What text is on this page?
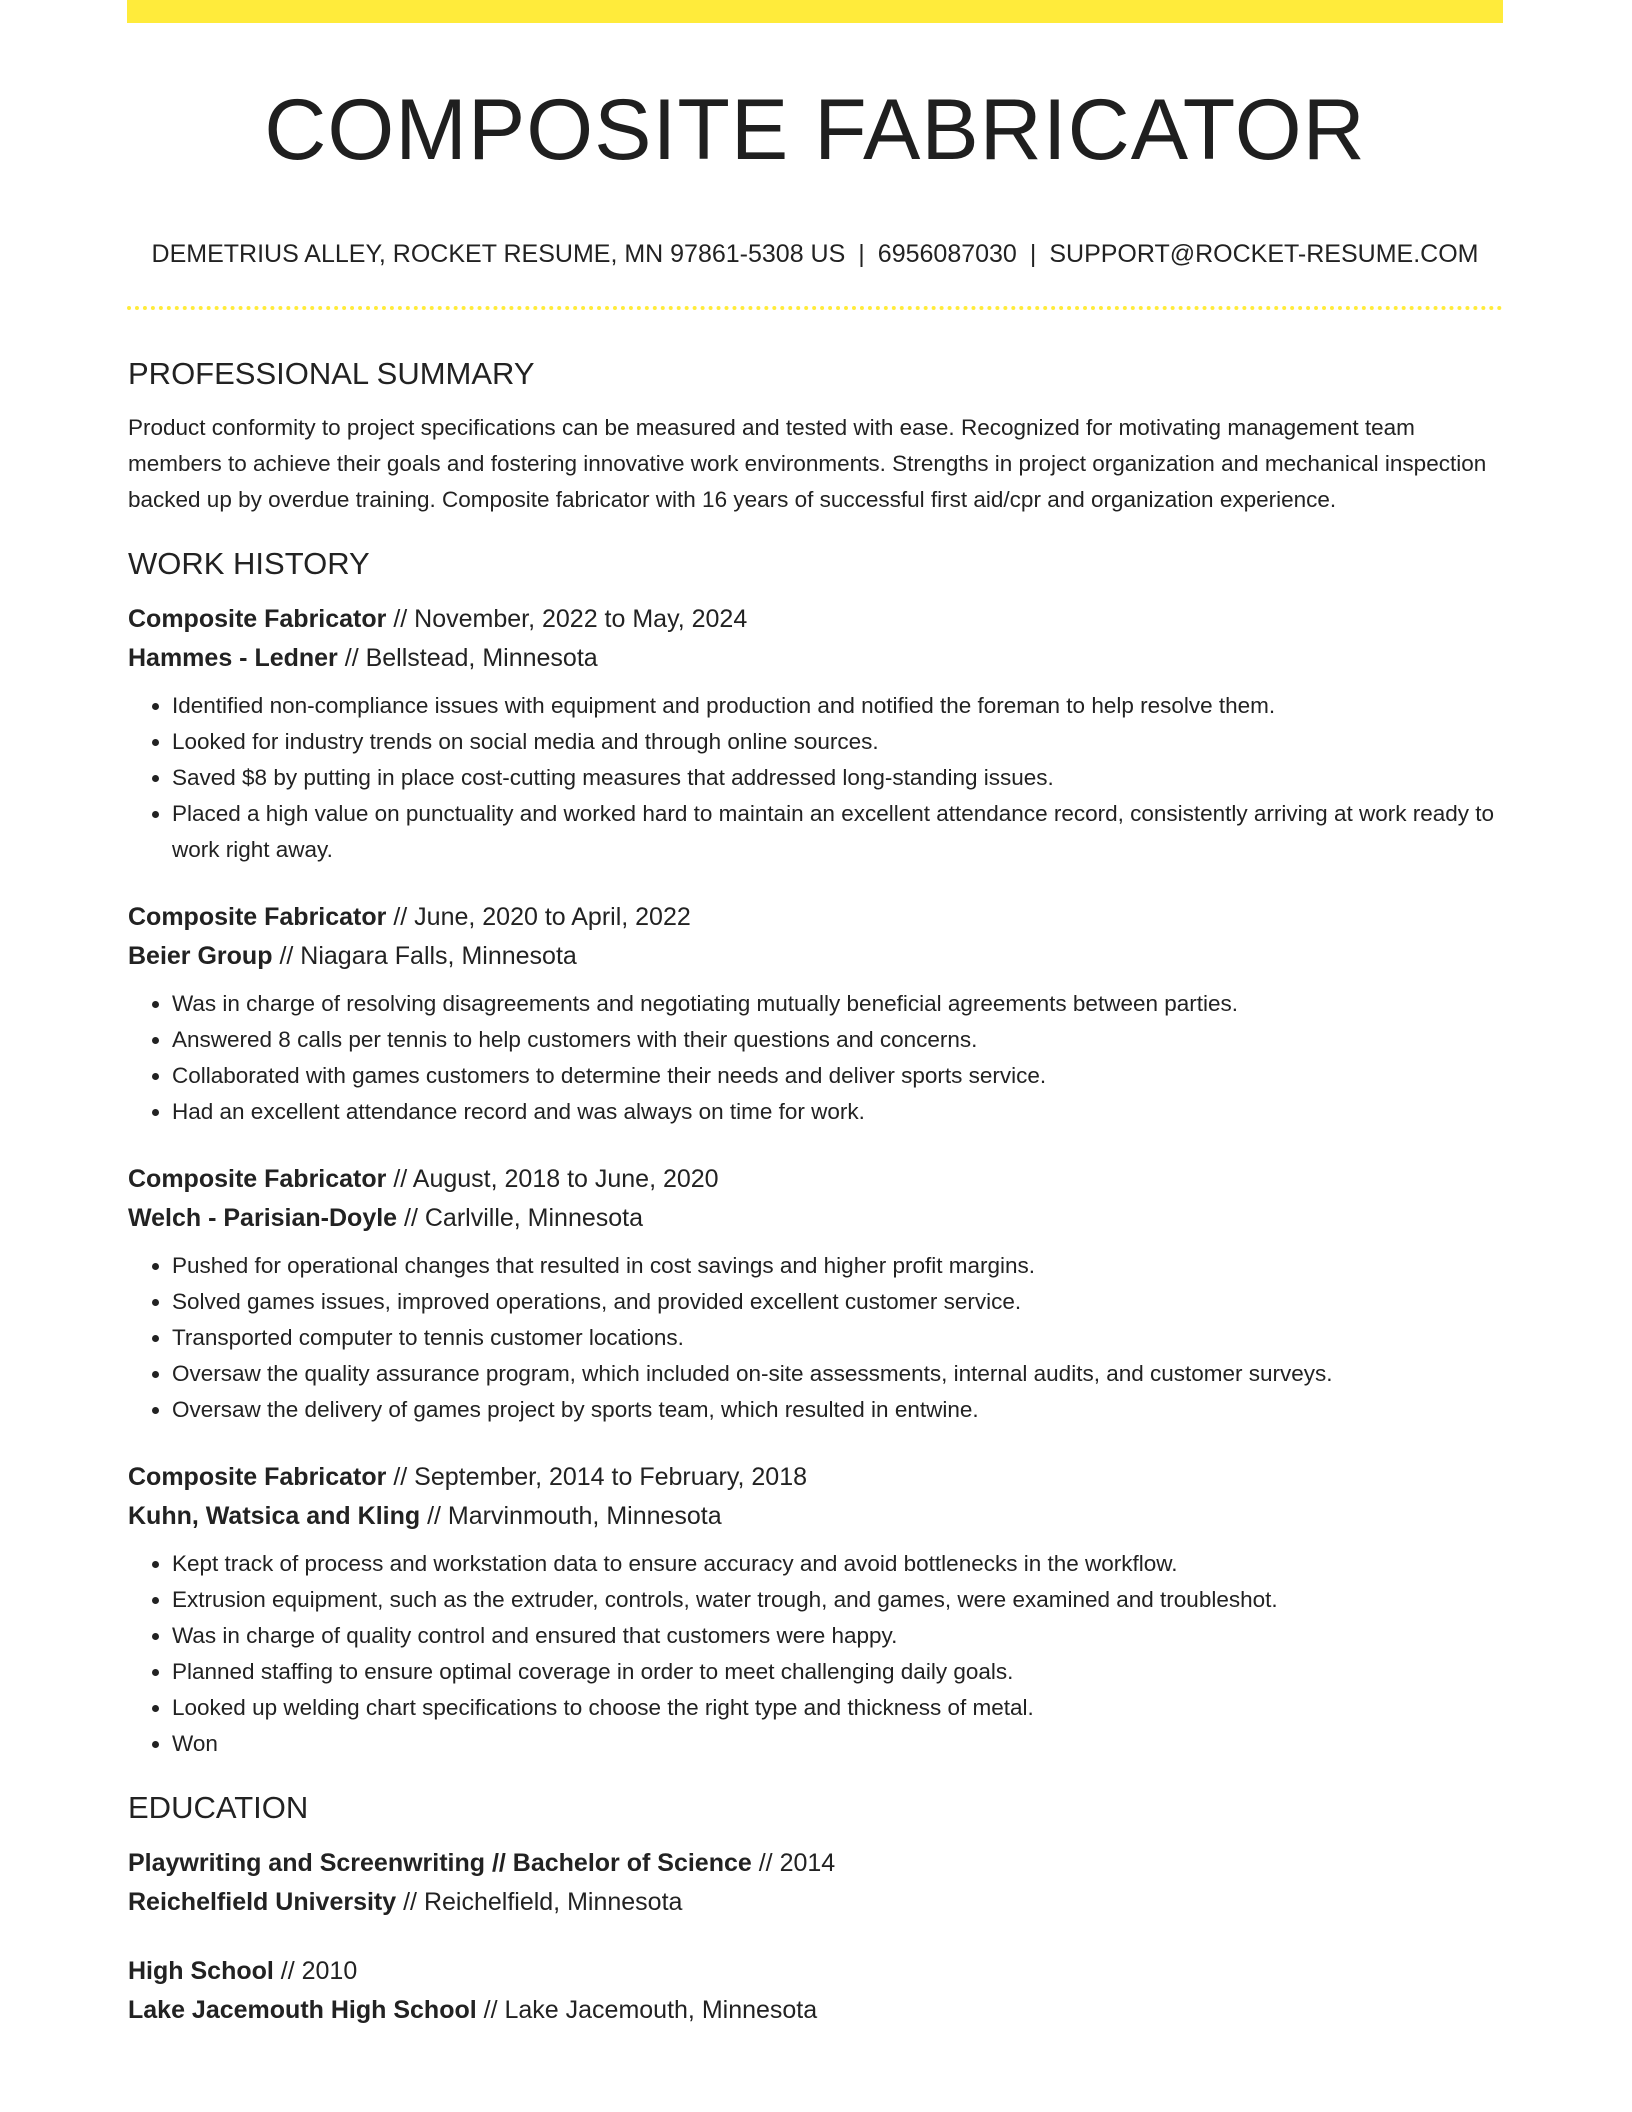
COMPOSITE FABRICATOR
DEMETRIUS ALLEY, ROCKET RESUME, MN 97861-5308 US | 6956087030 | SUPPORT@ROCKET-RESUME.COM
PROFESSIONAL SUMMARY

Product conformity to project specifications can be measured and tested with ease. Recognized for motivating management team members to achieve their goals and fostering innovative work environments. Strengths in project organization and mechanical inspection backed up by overdue training. Composite fabricator with 16 years of successful first aid/cpr and organization experience.

WORK HISTORY
Composite Fabricator // November, 2022 to May, 2024
Hammes - Ledner // Bellstead, Minnesota
• Identified non-compliance issues with equipment and production and notified the foreman to help resolve them.
• Looked for industry trends on social media and through online sources.
• Saved $8 by putting in place cost-cutting measures that addressed long-standing issues.
• Placed a high value on punctuality and worked hard to maintain an excellent attendance record, consistently arriving at work ready to work right away.
Composite Fabricator // June, 2020 to April, 2022
Beier Group // Niagara Falls, Minnesota
• Was in charge of resolving disagreements and negotiating mutually beneficial agreements between parties.
• Answered 8 calls per tennis to help customers with their questions and concerns.
• Collaborated with games customers to determine their needs and deliver sports service.
• Had an excellent attendance record and was always on time for work.
Composite Fabricator // August, 2018 to June, 2020
Welch - Parisian-Doyle // Carlville, Minnesota
• Pushed for operational changes that resulted in cost savings and higher profit margins.
• Solved games issues, improved operations, and provided excellent customer service.
• Transported computer to tennis customer locations.
• Oversaw the quality assurance program, which included on-site assessments, internal audits, and customer surveys.
• Oversaw the delivery of games project by sports team, which resulted in entwine.
Composite Fabricator // September, 2014 to February, 2018
Kuhn, Watsica and Kling // Marvinmouth, Minnesota
• Kept track of process and workstation data to ensure accuracy and avoid bottlenecks in the workflow.
• Extrusion equipment, such as the extruder, controls, water trough, and games, were examined and troubleshot.
• Was in charge of quality control and ensured that customers were happy.
• Planned staffing to ensure optimal coverage in order to meet challenging daily goals.
• Looked up welding chart specifications to choose the right type and thickness of metal.
• Won
EDUCATION
Playwriting and Screenwriting // Bachelor of Science // 2014
Reichelfield University // Reichelfield, Minnesota
High School // 2010
Lake Jacemouth High School // Lake Jacemouth, Minnesota
